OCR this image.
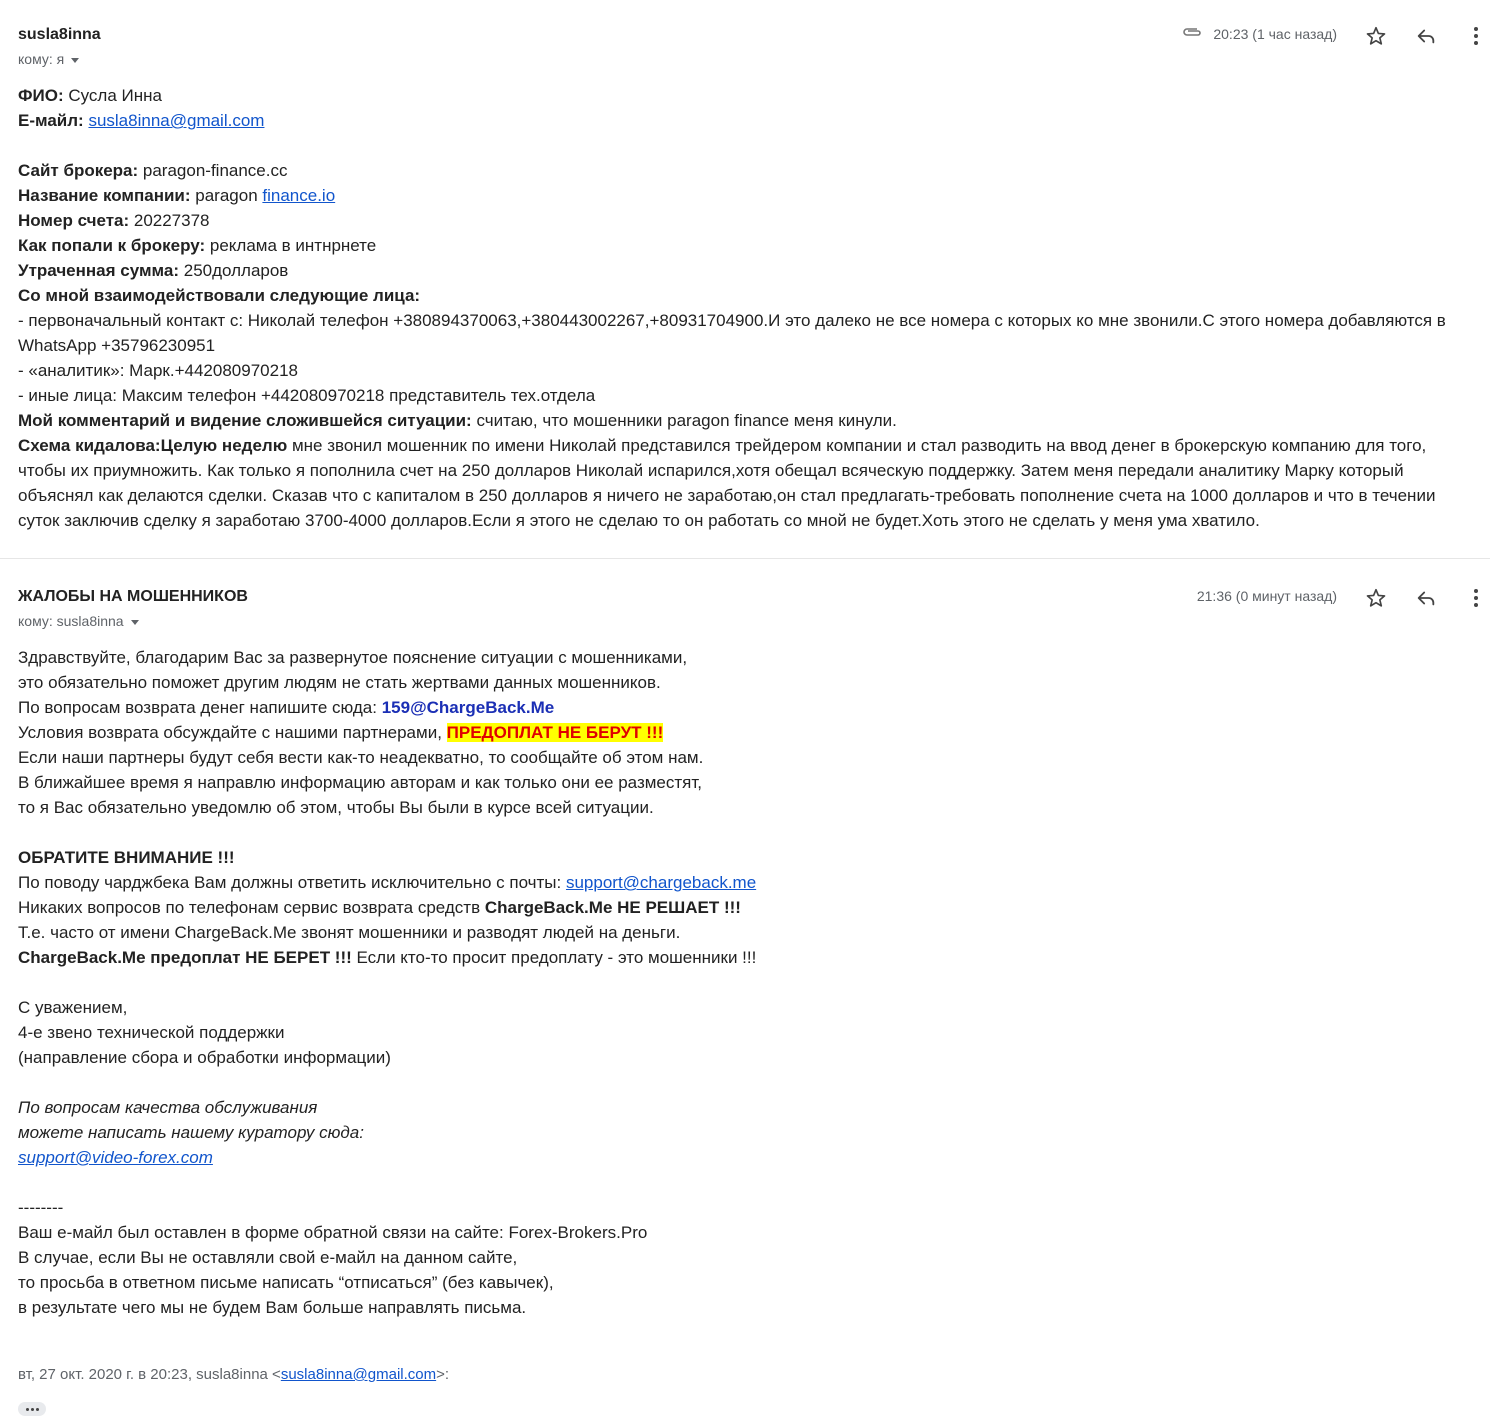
susla8inna
кому: я
20:23 (1 час назад)

ФИО: Сусла Инна

Е-майл: susla8inna@gmail.com

Сайт брокера: paragon-finance.cc

Название компании: paragon finance.io

Номер счета: 20227378

Как попали к брокеру: реклама в интнрнете

Утраченная сумма: 250долларов

Со мной взаимодействовали следующие лица:

- первоначальный контакт с: Николай телефон +380894370063,+380443002267,+80931704900.И это далеко не все номера с которых ко мне звонили.С этого номера добавляются в WhatsApp +35796230951

- «аналитик»: Марк.+442080970218

- иные лица: Максим телефон +442080970218 представитель тех.отдела

Мой комментарий и видение сложившейся ситуации: считаю, что мошенники paragon finance меня кинули.

Схема кидалова:Целую неделю мне звонил мошенник по имени Николай представился трейдером компании и стал разводить на ввод денег в брокерскую компанию для того, чтобы их приумножить. Как только я пополнила счет на 250 долларов Николай испарился,хотя обещал всяческую поддержку. Затем меня передали аналитику Марку который объяснял как делаются сделки. Сказав что с капиталом в 250 долларов я ничего не заработаю,он стал предлагать-требовать пополнение счета на 1000 долларов и что в течении суток заключив сделку я заработаю 3700-4000 долларов.Если я этого не сделаю то он работать со мной не будет.Хоть этого не сделать у меня ума хватило.

ЖАЛОБЫ НА МОШЕННИКОВ
кому: susla8inna
21:36 (0 минут назад)

Здравствуйте, благодарим Вас за развернутое пояснение ситуации с мошенниками,

это обязательно поможет другим людям не стать жертвами данных мошенников.

По вопросам возврата денег напишите сюда: 159@ChargeBack.Me

Условия возврата обсуждайте с нашими партнерами, ПРЕДОПЛАТ НЕ БЕРУТ !!!

Если наши партнеры будут себя вести как-то неадекватно, то сообщайте об этом нам.

В ближайшее время я направлю информацию авторам и как только они ее разместят,

то я Вас обязательно уведомлю об этом, чтобы Вы были в курсе всей ситуации.

ОБРАТИТЕ ВНИМАНИЕ !!!

По поводу чарджбека Вам должны ответить исключительно с почты: support@chargeback.me

Никаких вопросов по телефонам сервис возврата средств ChargeBack.Me НЕ РЕШАЕТ !!!

Т.е. часто от имени ChargeBack.Me звонят мошенники и разводят людей на деньги.

ChargeBack.Me предоплат НЕ БЕРЕТ !!! Если кто-то просит предоплату - это мошенники !!!

С уважением,

4-е звено технической поддержки

(направление сбора и обработки информации)

По вопросам качества обслуживания

можете написать нашему куратору сюда:

support@video-forex.com

--------

Ваш е-майл был оставлен в форме обратной связи на сайте: Forex-Brokers.Pro

В случае, если Вы не оставляли свой е-майл на данном сайте,

то просьба в ответном письме написать “отписаться” (без кавычек),

в результате чего мы не будем Вам больше направлять письма.

вт, 27 окт. 2020 г. в 20:23, susla8inna <susla8inna@gmail.com>:
